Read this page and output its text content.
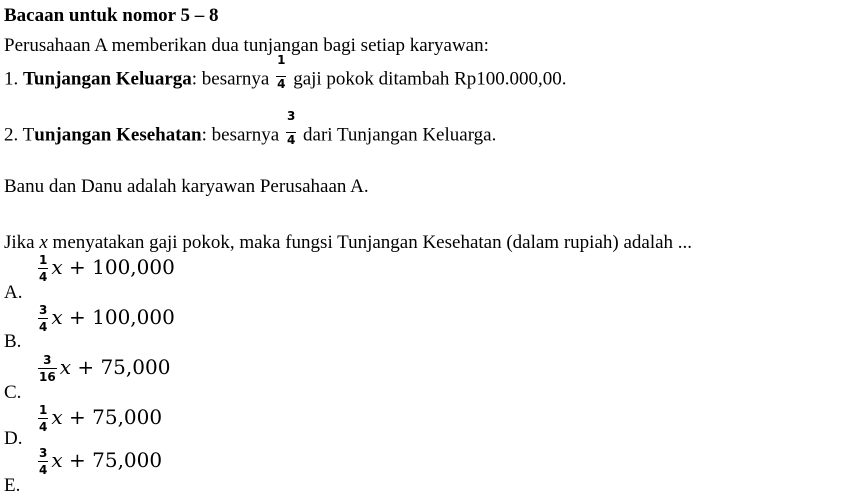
Bacaan untuk nomor 5 – 8
Perusahaan A memberikan dua tunjangan bagi setiap karyawan:
1. Tunjangan Keluarga: besarnya $\frac{1}{4}$ gaji pokok ditambah Rp100.000,00.
2. Tunjangan Kesehatan: besarnya $\frac{3}{4}$ dari Tunjangan Keluarga.
Banu dan Danu adalah karyawan Perusahaan A.
Jika x menyatakan gaji pokok, maka fungsi Tunjangan Kesehatan (dalam rupiah) adalah ...
A.
$\frac{1}{4}$ x + 100,000
B.
$\frac{3}{4}$ x + 100,000
C.
$\frac{3}{16}$ x + 75,000
D.
$\frac{1}{4}$ x + 75,000
E.
$\frac{3}{4}$ x + 75,000
